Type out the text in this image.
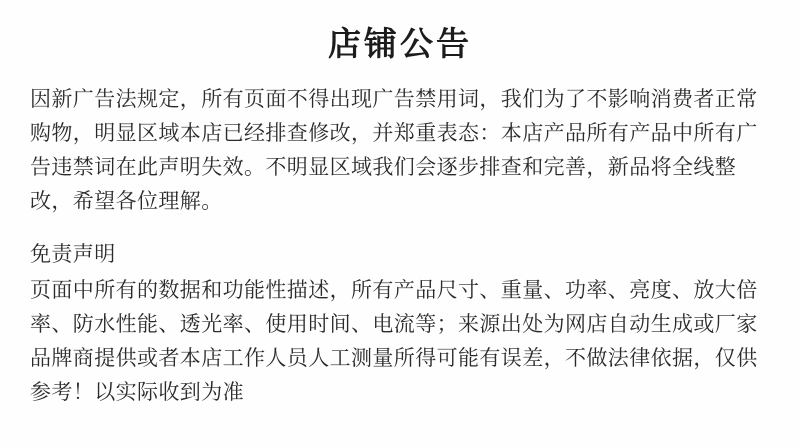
店铺公告

因新广告法规定，所有页面不得出现广告禁用词，我们为了不影响消费者正常购物，明显区域本店已经排查修改，并郑重表态：本店产品所有产品中所有广告违禁词在此声明失效。不明显区域我们会逐步排查和完善，新品将全线整改，希望各位理解。

免责声明

页面中所有的数据和功能性描述，所有产品尺寸、重量、功率、亮度、放大倍率、防水性能、透光率、使用时间、电流等；来源出处为网店自动生成或厂家品牌商提供或者本店工作人员人工测量所得可能有误差，不做法律依据，仅供参考！以实际收到为准
